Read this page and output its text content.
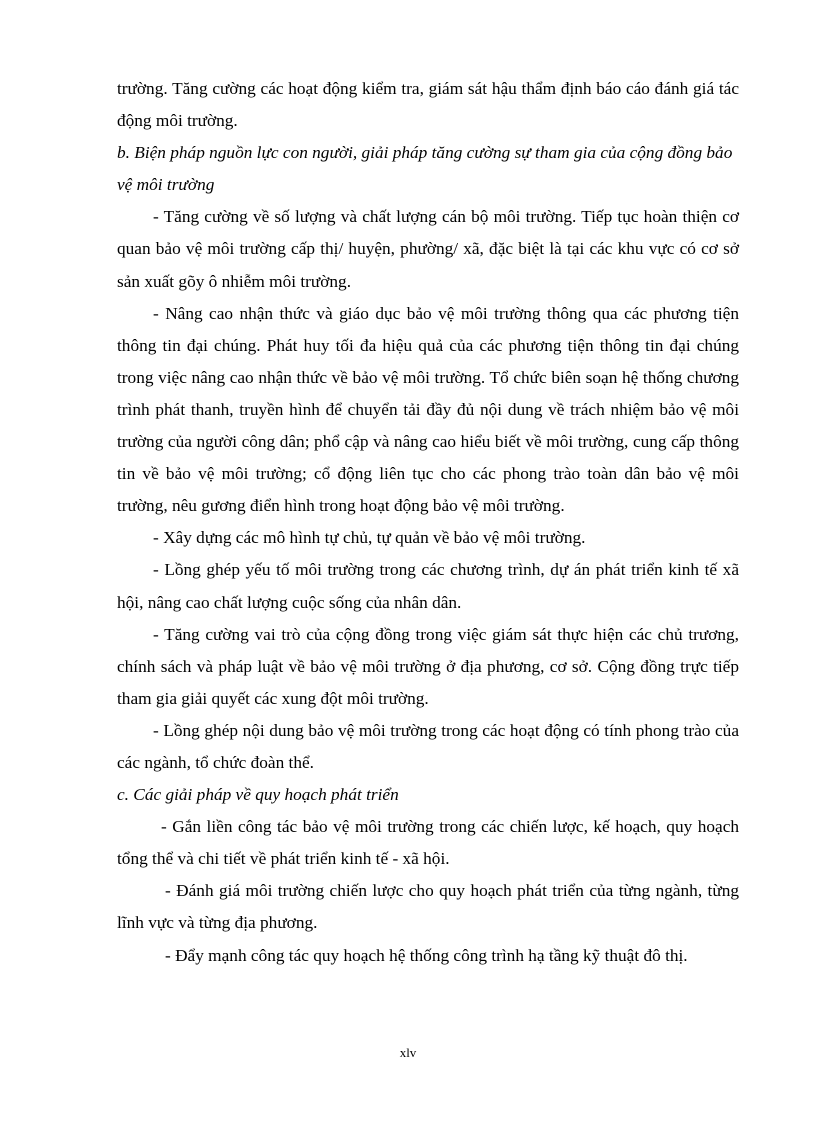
trường. Tăng cường các hoạt động kiểm tra, giám sát hậu thẩm định báo cáo đánh giá tác động môi trường.

b. Biện pháp nguồn lực con người, giải pháp tăng cường sự tham gia của cộng đồng bảo vệ môi trường

- Tăng cường về số lượng và chất lượng cán bộ môi trường. Tiếp tục hoàn thiện cơ quan bảo vệ môi trường cấp thị/ huyện, phường/ xã, đặc biệt là tại các khu vực có cơ sở sản xuất gõy ô nhiễm môi trường.

- Nâng cao nhận thức và giáo dục bảo vệ môi trường thông qua các phương tiện thông tin đại chúng. Phát huy tối đa hiệu quả của các phương tiện thông tin đại chúng trong việc nâng cao nhận thức về bảo vệ môi trường. Tổ chức biên soạn hệ thống chương trình phát thanh, truyền hình để chuyển tải đầy đủ nội dung về trách nhiệm bảo vệ môi trường của người công dân; phổ cập và nâng cao hiểu biết về môi trường, cung cấp thông tin về bảo vệ môi trường; cổ động liên tục cho các phong trào toàn dân bảo vệ môi trường, nêu gương điển hình trong hoạt động bảo vệ môi trường.

- Xây dựng các mô hình tự chủ, tự quản về bảo vệ môi trường.

- Lồng ghép yếu tố môi trường trong các chương trình, dự án phát triển kinh tế xã hội, nâng cao chất lượng cuộc sống của nhân dân.

- Tăng cường vai trò của cộng đồng trong việc giám sát thực hiện các chủ trương, chính sách và pháp luật về bảo vệ môi trường ở địa phương, cơ sở. Cộng đồng trực tiếp tham gia giải quyết các xung đột môi trường.

- Lồng ghép nội dung bảo vệ môi trường trong các hoạt động có tính phong trào của các ngành, tổ chức đoàn thể.

c. Các giải pháp về quy hoạch phát triển

- Gắn liền công tác bảo vệ môi trường trong các chiến lược, kế hoạch, quy hoạch tổng thể và chi tiết về phát triển kinh tế - xã hội.

- Đánh giá môi trường chiến lược cho quy hoạch phát triển của từng ngành, từng lĩnh vực và từng địa phương.

- Đẩy mạnh công tác quy hoạch hệ thống công trình hạ tầng kỹ thuật đô thị.

xlv
